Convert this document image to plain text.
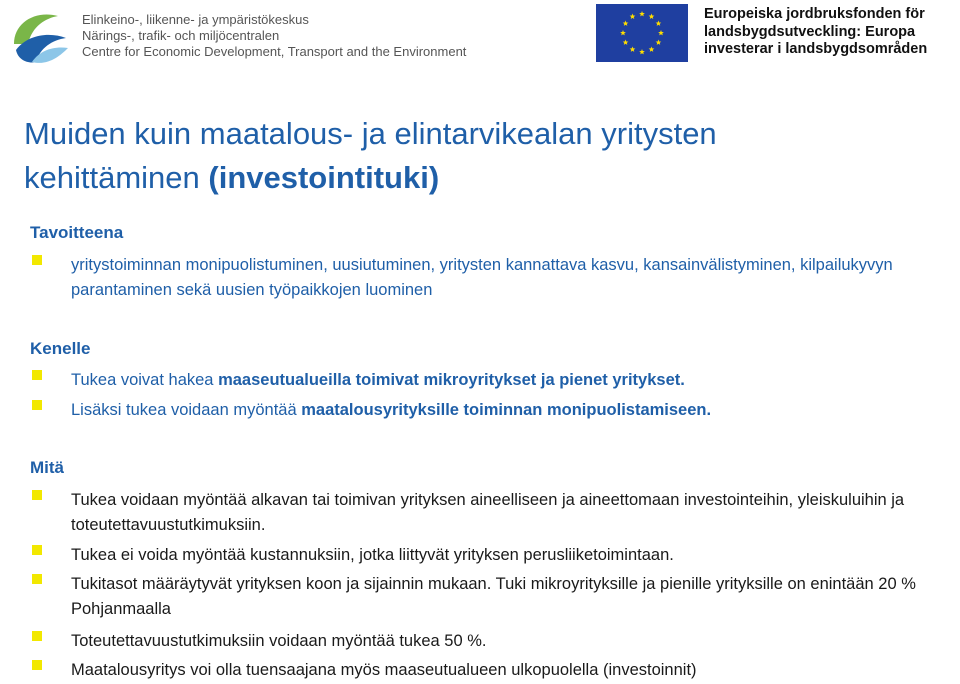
Elinkeino-, liikenne- ja ympäristökeskus
Närings-, trafik- och miljöcentralen
Centre for Economic Development, Transport and the Environment
Europeiska jordbruksfonden för
landsbygdsutveckling: Europa
investerar i landsbygdsområden
Muiden kuin maatalous- ja elintarvikealan yritysten
kehittäminen (investointituki)
Tavoitteena
yritystoiminnan monipuolistuminen, uusiutuminen, yritysten kannattava kasvu, kansainvälistyminen, kilpailukyvyn parantaminen sekä uusien työpaikkojen luominen
Kenelle
Tukea voivat hakea maaseutualueilla toimivat mikroyritykset ja pienet yritykset.
Lisäksi tukea voidaan myöntää maatalousyrityksille toiminnan monipuolistamiseen.
Mitä
Tukea voidaan myöntää alkavan tai toimivan yrityksen aineelliseen ja aineettomaan investointeihin, yleiskuluihin ja toteutettavuustutkimuksiin.
Tukea ei voida myöntää kustannuksiin, jotka liittyvät yrityksen perusliiketoimintaan.
Tukitasot määräytyvät yrityksen koon ja sijainnin mukaan. Tuki mikroyrityksille ja pienille yrityksille on enintään 20 % Pohjanmaalla
Toteutettavuustutkimuksiin voidaan myöntää tukea 50 %.
Maatalousyritys voi olla tuensaajana myös maaseutualueen ulkopuolella (investoinnit)
